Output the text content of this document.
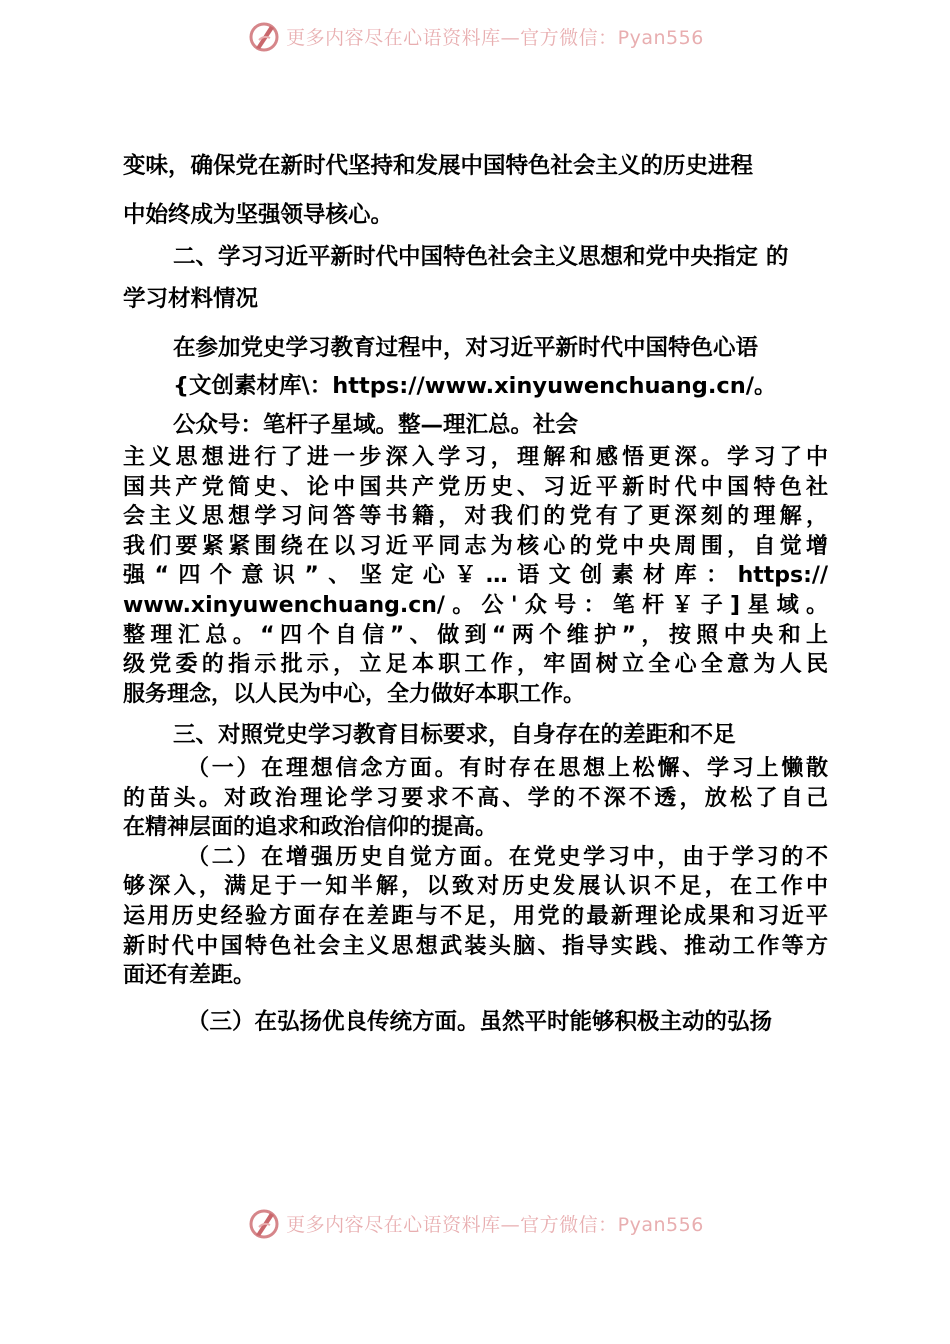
更多内容尽在心语资料库—官方微信：Pyan556
变味，确保党在新时代坚持和发展中国特色社会主义的历史进程
中始终成为坚强领导核心。
二、学习习近平新时代中国特色社会主义思想和党中央指定 的
学习材料情况
在参加党史学习教育过程中，对习近平新时代中国特色心语
{文创素材库\：https://www.xinyuwenchuang.cn/。
公众号：笔杆子星域。整—理汇总。社会
主义思想进行了进一步深入学习，理解和感悟更深。学习了中
国共产党简史、论中国共产党历史、习近平新时代中国特色社
会主义思想学习问答等书籍，对我们的党有了更深刻的理解，
我们要紧紧围绕在以习近平同志为核心的党中央周围，自觉增
强“四个意识”、坚定心￥…语文创素材库：https://
www.xinyuwenchuang.cn/。公'众号：笔杆￥子]星域。
整理汇总。“四个自信”、做到“两个维护”，按照中央和上
级党委的指示批示，立足本职工作，牢固树立全心全意为人民
服务理念，以人民为中心，全力做好本职工作。
三、对照党史学习教育目标要求，自身存在的差距和不足
（一）在理想信念方面。有时存在思想上松懈、学习上懒散
的苗头。对政治理论学习要求不高、学的不深不透，放松了自己
在精神层面的追求和政治信仰的提高。
（二）在增强历史自觉方面。在党史学习中，由于学习的不
够深入，满足于一知半解，以致对历史发展认识不足，在工作中
运用历史经验方面存在差距与不足，用党的最新理论成果和习近平
新时代中国特色社会主义思想武装头脑、指导实践、推动工作等方
面还有差距。
（三）在弘扬优良传统方面。虽然平时能够积极主动的弘扬
更多内容尽在心语资料库—官方微信：Pyan556
